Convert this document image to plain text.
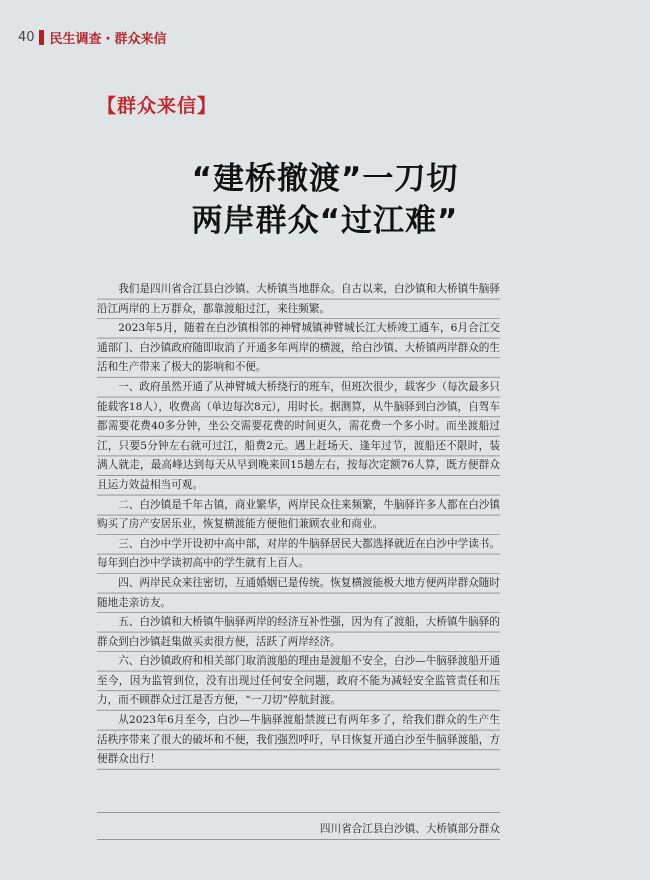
40 民生调查・群众来信
【群众来信】
“建桥撤渡”一刀切
两岸群众“过江难”

我们是四川省合江县白沙镇、大桥镇当地群众。自古以来，白沙镇和大桥镇牛脑驿沿江两岸的上万群众，都靠渡船过江，来往频繁。

2023年5月，随着在白沙镇相邻的神臂城镇神臂城长江大桥竣工通车，6月合江交通部门、白沙镇政府随即取消了开通多年两岸的横渡，给白沙镇、大桥镇两岸群众的生活和生产带来了极大的影响和不便。

一、政府虽然开通了从神臂城大桥绕行的班车，但班次很少，载客少（每次最多只能载客18人），收费高（单边每次8元），用时长。据测算，从牛脑驿到白沙镇，自驾车都需要花费40多分钟，坐公交需要花费的时间更久，需花费一个多小时。而坐渡船过江，只要5分钟左右就可过江，船费2元。遇上赶场天、逢年过节，渡船还不限时，装满人就走，最高峰达到每天从早到晚来回15趟左右，按每次定额76人算，既方便群众且运力效益相当可观。

二、白沙镇是千年古镇，商业繁华，两岸民众往来频繁，牛脑驿许多人都在白沙镇购买了房产安居乐业，恢复横渡能方便他们兼顾农业和商业。

三、白沙中学开设初中高中部，对岸的牛脑驿居民大都选择就近在白沙中学读书。每年到白沙中学读初高中的学生就有上百人。

四、两岸民众来往密切，互通婚姻已是传统。恢复横渡能极大地方便两岸群众随时随地走亲访友。

五、白沙镇和大桥镇牛脑驿两岸的经济互补性强，因为有了渡船，大桥镇牛脑驿的群众到白沙镇赶集做买卖很方便，活跃了两岸经济。

六、白沙镇政府和相关部门取消渡船的理由是渡船不安全，白沙—牛脑驿渡船开通至今，因为监管到位，没有出现过任何安全问题，政府不能为减轻安全监管责任和压力，而不顾群众过江是否方便，“一刀切”停航封渡。

从2023年6月至今，白沙—牛脑驿渡船禁渡已有两年多了，给我们群众的生产生活秩序带来了很大的破坏和不便，我们强烈呼吁，早日恢复开通白沙至牛脑驿渡船，方便群众出行！

四川省合江县白沙镇、大桥镇部分群众
